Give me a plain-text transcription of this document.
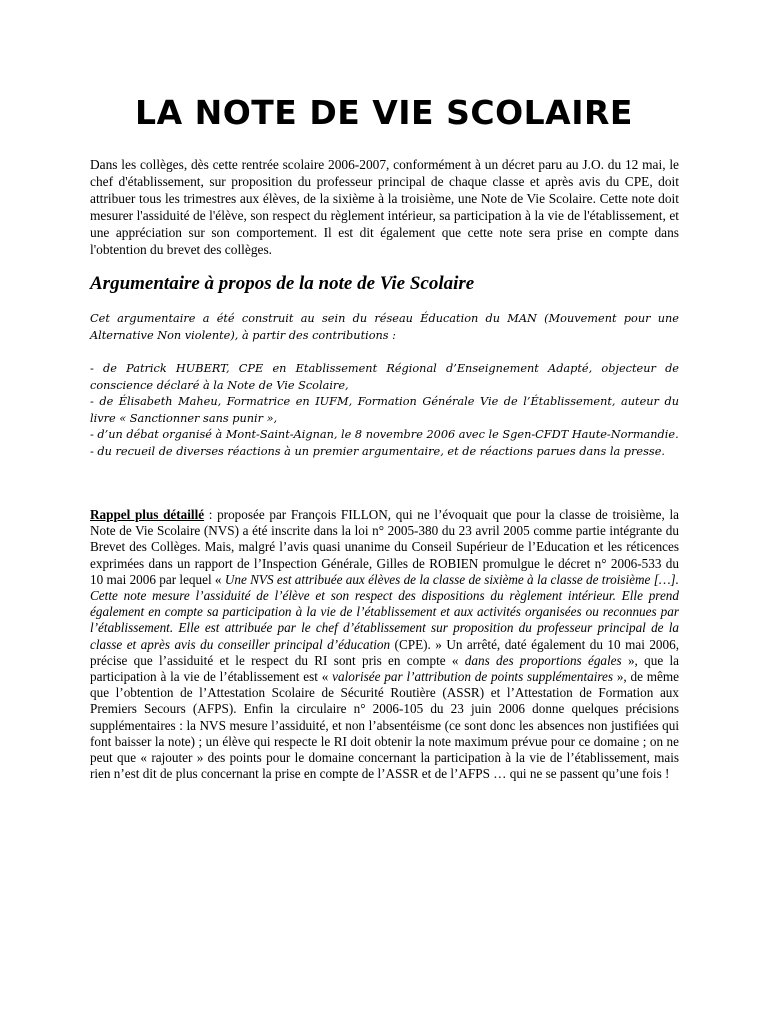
LA NOTE DE VIE SCOLAIRE

Dans les collèges, dès cette rentrée scolaire 2006-2007, conformément à un décret paru au J.O. du 12 mai, le chef d'établissement, sur proposition du professeur principal de chaque classe et après avis du CPE, doit attribuer tous les trimestres aux élèves, de la sixième à la troisième, une Note de Vie Scolaire. Cette note doit mesurer l'assiduité de l'élève, son respect du règlement intérieur, sa participation à la vie de l'établissement, et une appréciation sur son comportement. Il est dit également que cette note sera prise en compte dans l'obtention du brevet des collèges.

Argumentaire à propos de la note de Vie Scolaire

Cet argumentaire a été construit au sein du réseau Éducation du MAN (Mouvement pour une Alternative Non violente), à partir des contributions :

- de Patrick HUBERT, CPE en Etablissement Régional d’Enseignement Adapté, objecteur de conscience déclaré à la Note de Vie Scolaire,
- de Élisabeth Maheu, Formatrice en IUFM, Formation Générale Vie de l’Établissement, auteur du livre « Sanctionner sans punir »,
- d’un débat organisé à Mont-Saint-Aignan, le 8 novembre 2006 avec le Sgen-CFDT Haute-Normandie.
- du recueil de diverses réactions à un premier argumentaire, et de réactions parues dans la presse.

Rappel plus détaillé : proposée par François FILLON, qui ne l’évoquait que pour la classe de troisième, la Note de Vie Scolaire (NVS) a été inscrite dans la loi n° 2005-380 du 23 avril 2005 comme partie intégrante du Brevet des Collèges. Mais, malgré l’avis quasi unanime du Conseil Supérieur de l’Education et les réticences exprimées dans un rapport de l’Inspection Générale, Gilles de ROBIEN promulgue le décret n° 2006-533 du 10 mai 2006 par lequel « Une NVS est attribuée aux élèves de la classe de sixième à la classe de troisième […]. Cette note mesure l’assiduité de l’élève et son respect des dispositions du règlement intérieur. Elle prend également en compte sa participation à la vie de l’établissement et aux activités organisées ou reconnues par l’établissement. Elle est attribuée par le chef d’établissement sur proposition du professeur principal de la classe et après avis du conseiller principal d’éducation (CPE). » Un arrêté, daté également du 10 mai 2006, précise que l’assiduité et le respect du RI sont pris en compte « dans des proportions égales », que la participation à la vie de l’établissement est « valorisée par l’attribution de points supplémentaires », de même que l’obtention de l’Attestation Scolaire de Sécurité Routière (ASSR) et l’Attestation de Formation aux Premiers Secours (AFPS). Enfin la circulaire n° 2006-105 du 23 juin 2006 donne quelques précisions supplémentaires : la NVS mesure l’assiduité, et non l’absentéisme (ce sont donc les absences non justifiées qui font baisser la note) ; un élève qui respecte le RI doit obtenir la note maximum prévue pour ce domaine ; on ne peut que « rajouter » des points pour le domaine concernant la participation à la vie de l’établissement, mais rien n’est dit de plus concernant la prise en compte de l’ASSR et de l’AFPS … qui ne se passent qu’une fois !
